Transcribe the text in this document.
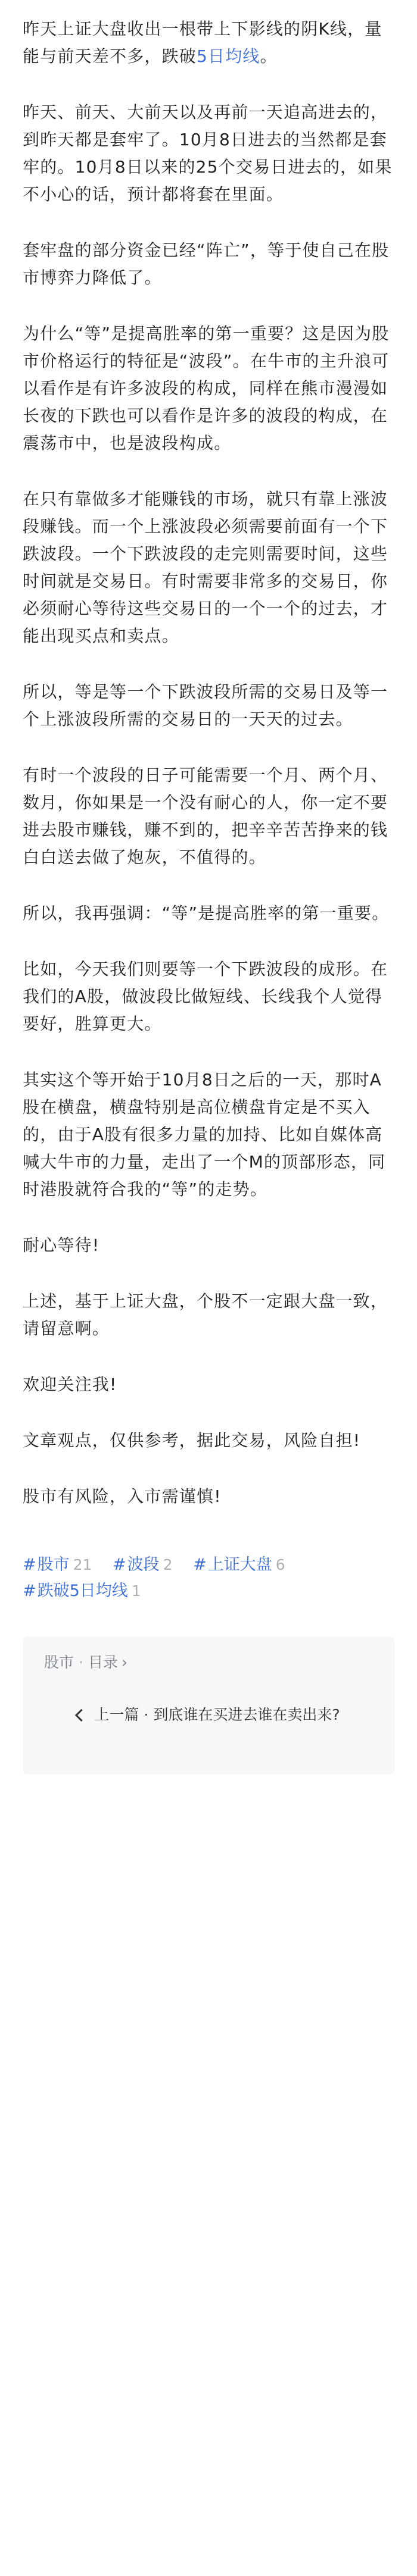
昨天上证大盘收出一根带上下影线的阴K线，量能与前天差不多，跌破5日均线。

昨天、前天、大前天以及再前一天追高进去的，到昨天都是套牢了。10月8日进去的当然都是套牢的。10月8日以来的25个交易日进去的，如果不小心的话，预计都将套在里面。

套牢盘的部分资金已经“阵亡”，等于使自己在股市博弈力降低了。

为什么“等”是提高胜率的第一重要？这是因为股市价格运行的特征是“波段”。在牛市的主升浪可以看作是有许多波段的构成，同样在熊市漫漫如长夜的下跌也可以看作是许多的波段的构成，在震荡市中，也是波段构成。

在只有靠做多才能赚钱的市场，就只有靠上涨波段赚钱。而一个上涨波段必须需要前面有一个下跌波段。一个下跌波段的走完则需要时间，这些时间就是交易日。有时需要非常多的交易日，你必须耐心等待这些交易日的一个一个的过去，才能出现买点和卖点。

所以，等是等一个下跌波段所需的交易日及等一个上涨波段所需的交易日的一天天的过去。

有时一个波段的日子可能需要一个月、两个月、数月，你如果是一个没有耐心的人，你一定不要进去股市赚钱，赚不到的，把辛辛苦苦挣来的钱白白送去做了炮灰，不值得的。

所以，我再强调：“等”是提高胜率的第一重要。

比如，今天我们则要等一个下跌波段的成形。在我们的A股，做波段比做短线、长线我个人觉得要好，胜算更大。

其实这个等开始于10月8日之后的一天，那时A股在横盘，横盘特别是高位横盘肯定是不买入的，由于A股有很多力量的加持、比如自媒体高喊大牛市的力量，走出了一个M的顶部形态，同时港股就符合我的“等”的走势。

耐心等待!

上述，基于上证大盘，个股不一定跟大盘一致，请留意啊。

欢迎关注我!

文章观点，仅供参考，据此交易，风险自担!

股市有风险，入市需谨慎!

#股市 21 #波段 2 #上证大盘 6 #跌破5日均线 1
股市 · 目录 ›
上一篇 · 到底谁在买进去谁在卖出来?
